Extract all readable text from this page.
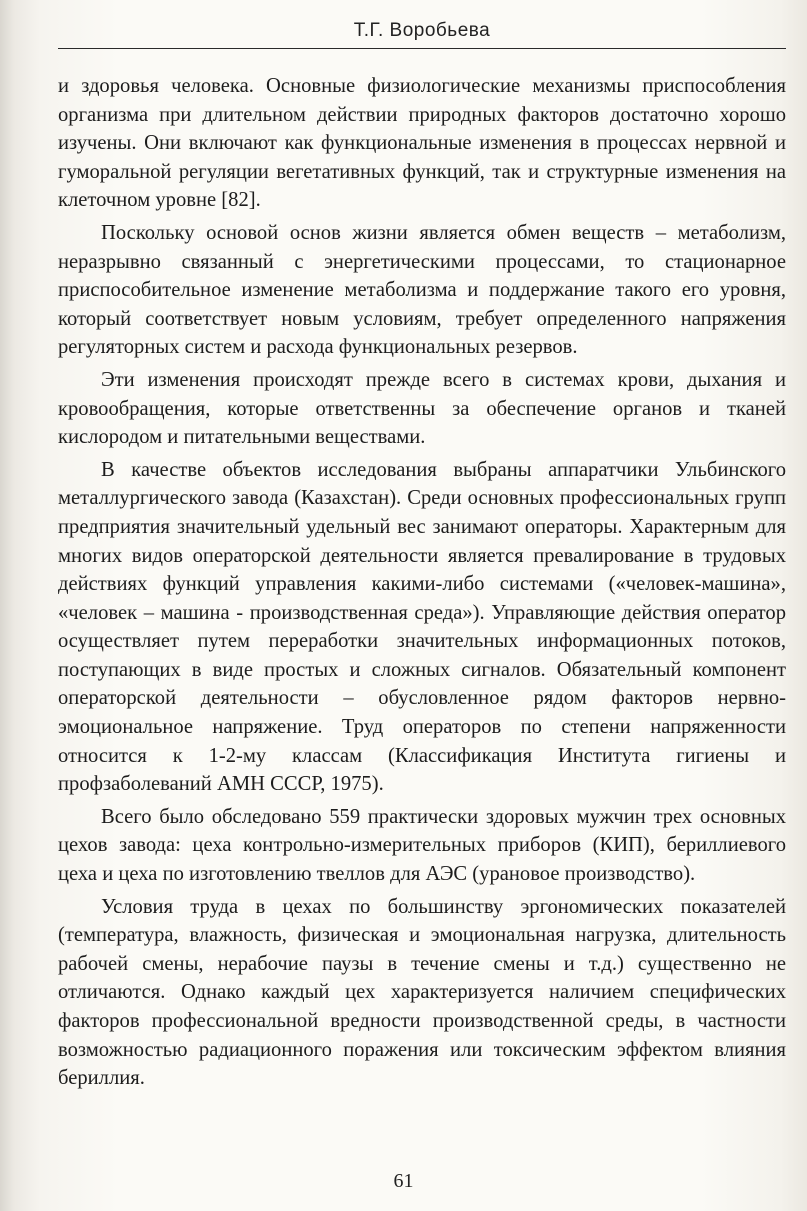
Т.Г. Воробьева

и здоровья человека. Основные физиологические механизмы приспособления организма при длительном действии природных факторов достаточно хорошо изучены. Они включают как функциональные изменения в процессах нервной и гуморальной регуляции вегетативных функций, так и структурные изменения на клеточном уровне [82].

Поскольку основой основ жизни является обмен веществ – метаболизм, неразрывно связанный с энергетическими процессами, то стационарное приспособительное изменение метаболизма и поддержание такого его уровня, который соответствует новым условиям, требует определенного напряжения регуляторных систем и расхода функциональных резервов.

Эти изменения происходят прежде всего в системах крови, дыхания и кровообращения, которые ответственны за обеспечение органов и тканей кислородом и питательными веществами.

В качестве объектов исследования выбраны аппаратчики Ульбинского металлургического завода (Казахстан). Среди основных профессиональных групп предприятия значительный удельный вес занимают операторы. Характерным для многих видов операторской деятельности является превалирование в трудовых действиях функций управления какими-либо системами («человек-машина», «человек – машина - производственная среда»). Управляющие действия оператор осуществляет путем переработки значительных информационных потоков, поступающих в виде простых и сложных сигналов. Обязательный компонент операторской деятельности – обусловленное рядом факторов нервно-эмоциональное напряжение. Труд операторов по степени напряженности относится к 1-2-му классам (Классификация Института гигиены и профзаболеваний АМН СССР, 1975).

Всего было обследовано 559 практически здоровых мужчин трех основных цехов завода: цеха контрольно-измерительных приборов (КИП), бериллиевого цеха и цеха по изготовлению твеллов для АЭС (урановое производство).

Условия труда в цехах по большинству эргономических показателей (температура, влажность, физическая и эмоциональная нагрузка, длительность рабочей смены, нерабочие паузы в течение смены и т.д.) существенно не отличаются. Однако каждый цех характеризуется наличием специфических факторов профессиональной вредности производственной среды, в частности возможностью радиационного поражения или токсическим эффектом влияния бериллия.

61
